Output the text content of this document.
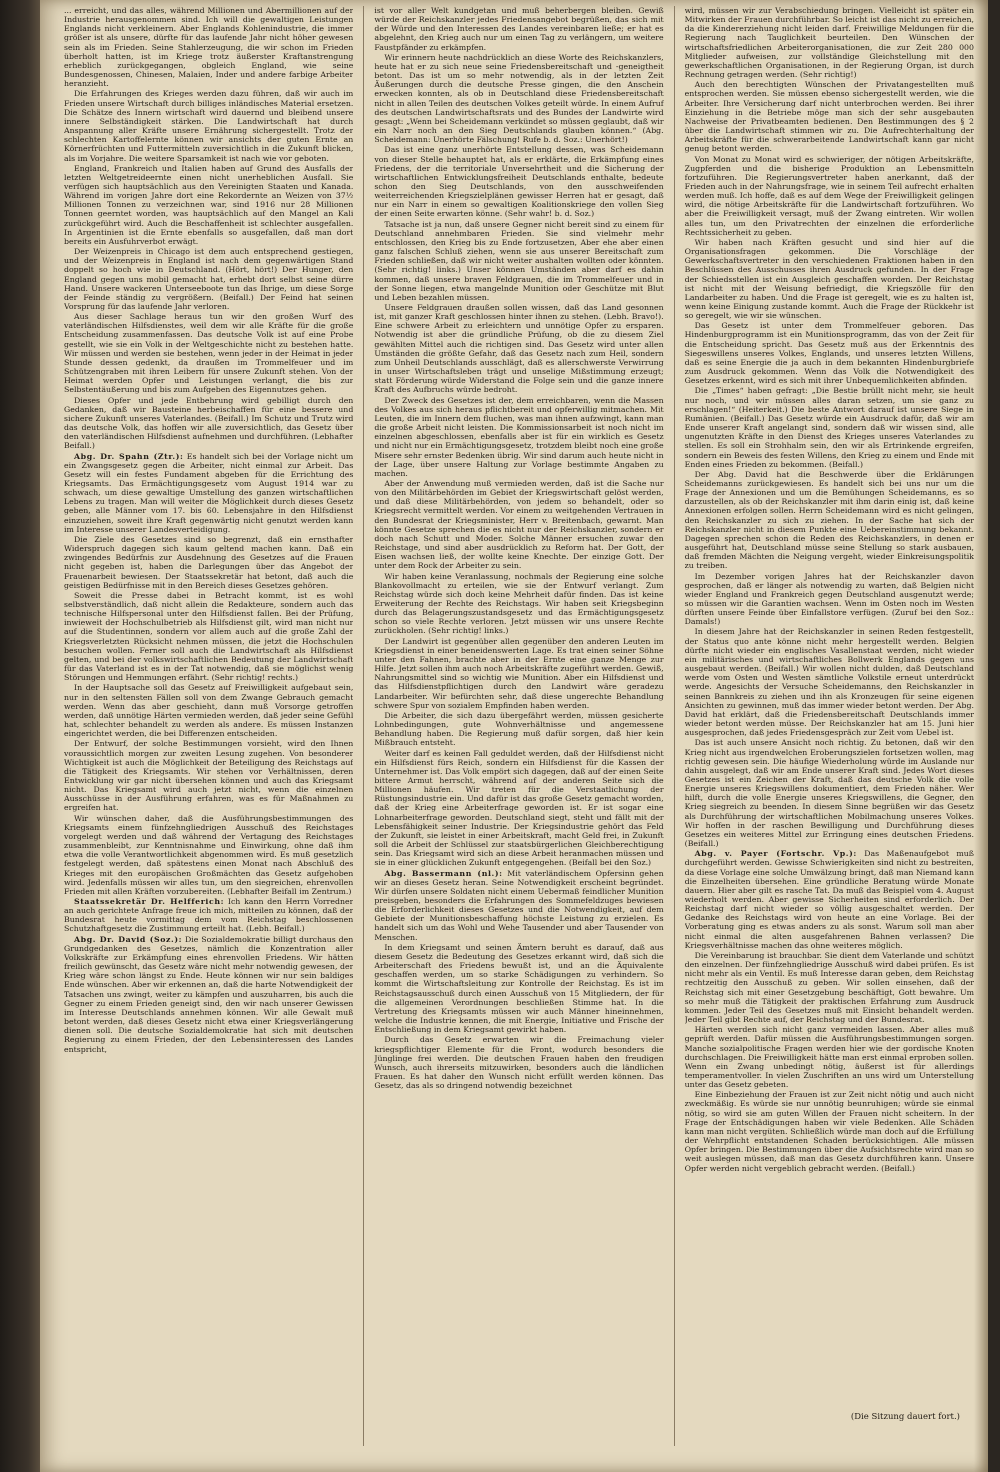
... erreicht, und das alles, während Millionen und Abermillionen auf der Industrie herausgenommen sind. Ich will die gewaltigen Leistungen Englands nicht verkleinern. Aber Englands Kohlenindustrie, die immer größer ist als unsere, dürfte für das laufende Jahr nicht höher gewesen sein als im Frieden. Seine Stahlerzeugung, die wir schon im Frieden überholt hatten, ist im Kriege trotz äußerster Kraftanstrengung erheblich zurückgegangen, obgleich England, wie seine Bundesgenossen, Chinesen, Malaien, Inder und andere farbige Arbeiter heranzieht.

Die Erfahrungen des Krieges werden dazu führen, daß wir auch im Frieden unsere Wirtschaft durch billiges inländisches Material ersetzen. Die Schätze des Innern wirtschaft wird dauernd und bleibend unsere innere Selbständigkeit stärken. Die Landwirtschaft hat durch Anspannung aller Kräfte unsere Ernährung sichergestellt. Trotz der schlechten Kartoffelernte können wir ansichts der guten Ernte an Körnerfrüchten und Futtermitteln zuversichtlich in die Zukunft blicken, als im Vorjahre. Die weitere Sparsamkeit ist nach wie vor geboten.

England, Frankreich und Italien haben auf Grund des Ausfalls der letzten Weltgetreideernte einen nicht unerheblichen Ausfall. Sie verfügen sich hauptsächlich aus den Vereinigten Staaten und Kanada. Während im vorigen Jahre dort eine Rekordernte an Weizen von 37½ Millionen Tonnen zu verzeichnen war, sind 1916 nur 28 Millionen Tonnen geerntet worden, was hauptsächlich auf den Mangel an Kali zurückgeführt wird. Auch die Beschaffenheit ist schlechter ausgefallen. In Argentinien ist die Ernte ebenfalls so ausgefallen, daß man dort bereits ein Ausfuhrverbot erwägt.

Der Weizenpreis in Chicago ist dem auch entsprechend gestiegen, und der Weizenpreis in England ist nach dem gegenwärtigen Stand doppelt so hoch wie in Deutschland. (Hört, hört!) Der Hunger, den England gegen uns mobil gemacht hat, erhebt dort selbst seine dürre Hand. Unsere wackeren Unterseeboote tun das Ihrige, um diese Sorge der Feinde ständig zu vergrößern. (Beifall.) Der Feind hat seinen Vorsprung für das laufende Jahr verloren.

Aus dieser Sachlage heraus tun wir den großen Wurf des vaterländischen Hilfsdienstes, weil dem wir alle Kräfte für die große Entscheidung zusammenfassen. Das deutsche Volk ist auf eine Probe gestellt, wie sie ein Volk in der Weltgeschichte nicht zu bestehen hatte. Wir müssen und werden sie bestehen, wenn jeder in der Heimat in jeder Stunde dessen gedenkt, da draußen im Trommelfeuer und im Schützengraben mit ihren Leibern für unsere Zukunft stehen. Von der Heimat werden Opfer und Leistungen verlangt, die bis zur Selbstentäußerung und bis zum Aufgeben des Eigennutzes gehen.

Dieses Opfer und jede Entbehrung wird gebilligt durch den Gedanken, daß wir Bausteine herbeischaffen für eine bessere und sichere Zukunft unseres Vaterlandes. (Beifall.) Im Schutz und Trutz wird das deutsche Volk, das hoffen wir alle zuversichtlich, das Gesetz über den vaterländischen Hilfsdienst aufnehmen und durchführen. (Lebhafter Beifall.)

Abg. Dr. Spahn (Ztr.): Es handelt sich bei der Vorlage nicht um ein Zwangsgesetz gegen die Arbeiter, nicht einmal zur Arbeit. Das Gesetz will ein festes Fundament abgeben für die Errichtung des Kriegsamts. Das Ermächtigungsgesetz vom August 1914 war zu schwach, um diese gewaltige Umstellung des ganzen wirtschaftlichen Lebens zu tragen. Man will weiter die Möglichkeit durch dieses Gesetz geben, alle Männer vom 17. bis 60. Lebensjahre in den Hilfsdienst einzuziehen, soweit ihre Kraft gegenwärtig nicht genutzt werden kann im Interesse unserer Landesverteidigung.

Die Ziele des Gesetzes sind so begrenzt, daß ein ernsthafter Widerspruch dagegen sich kaum geltend machen kann. Daß ein zwingendes Bedürfnis zur Ausdehnung des Gesetzes auf die Frauen nicht gegeben ist, haben die Darlegungen über das Angebot der Frauenarbeit bewiesen. Der Staatssekretär hat betont, daß auch die geistigen Bedürfnisse mit in den Bereich dieses Gesetzes gehören.

Soweit die Presse dabei in Betracht kommt, ist es wohl selbstverständlich, daß nicht allein die Redakteure, sondern auch das technische Hilfspersonal unter den Hilfsdienst fallen. Bei der Prüfung, inwieweit der Hochschulbetrieb als Hilfsdienst gilt, wird man nicht nur auf die Studentinnen, sondern vor allem auch auf die große Zahl der Kriegsverletzten Rücksicht nehmen müssen, die jetzt die Hochschulen besuchen wollen. Ferner soll auch die Landwirtschaft als Hilfsdienst gelten, und bei der volkswirtschaftlichen Bedeutung der Landwirtschaft für das Vaterland ist es in der Tat notwendig, daß sie möglichst wenig Störungen und Hemmungen erfährt. (Sehr richtig! rechts.)

In der Hauptsache soll das Gesetz auf Freiwilligkeit aufgebaut sein, nur in den seltensten Fällen soll von dem Zwange Gebrauch gemacht werden. Wenn das aber geschieht, dann muß Vorsorge getroffen werden, daß unnötige Härten vermieden werden, daß jeder seine Gefühl hat, schlechter behandelt zu werden als andere. Es müssen Instanzen eingerichtet werden, die bei Differenzen entscheiden.

Der Entwurf, der solche Bestimmungen vorsieht, wird den Ihnen voraussichtlich morgen zur zweiten Lesung zugehen. Von besonderer Wichtigkeit ist auch die Möglichkeit der Beteiligung des Reichstags auf die Tätigkeit des Kriegsamts. Wir stehen vor Verhältnissen, deren Entwicklung wir gar nicht übersehen können und auch das Kriegsamt nicht. Das Kriegsamt wird auch jetzt nicht, wenn die einzelnen Ausschüsse in der Ausführung erfahren, was es für Maßnahmen zu ergreifen hat.

Wir wünschen daher, daß die Ausführungsbestimmungen des Kriegsamts einem fünfzehngliedrigen Ausschuß des Reichstages vorgelegt werden und daß während der Vertagung des Reichstages zusammenbleibt, zur Kenntnisnahme und Einwirkung, ohne daß ihm etwa die volle Verantwortlichkeit abgenommen wird. Es muß gesetzlich festgelegt werden, daß spätestens einen Monat nach Abschluß des Krieges mit den europäischen Großmächten das Gesetz aufgehoben wird. Jedenfalls müssen wir alles tun, um den siegreichen, ehrenvollen Frieden mit allen Kräften vorzubereiten. (Lebhafter Beifall im Zentrum.)

Staatssekretär Dr. Helfferich: Ich kann den Herrn Vorredner an auch gerichtete Anfrage freue ich mich, mitteilen zu können, daß der Bundesrat heute vormittag dem vom Reichstag beschlossenen Schutzhaftgesetz die Zustimmung erteilt hat. (Lebh. Beifall.)

Abg. Dr. David (Soz.): Die Sozialdemokratie billigt durchaus den Grundgedanken des Gesetzes, nämlich die Konzentration aller Volkskräfte zur Erkämpfung eines ehrenvollen Friedens. Wir hätten freilich gewünscht, das Gesetz wäre nicht mehr notwendig gewesen, der Krieg wäre schon längst zu Ende. Heute können wir nur sein baldiges Ende wünschen. Aber wir erkennen an, daß die harte Notwendigkeit der Tatsachen uns zwingt, weiter zu kämpfen und auszuharren, bis auch die Gegner zu einem Frieden geneigt sind, den wir nach unserer Gewissen im Interesse Deutschlands annehmen können. Wir alle Gewalt muß betont werden, daß dieses Gesetz nicht etwa einer Kriegsverlängerung dienen soll. Die deutsche Sozialdemokratie hat sich mit deutschen Regierung zu einem Frieden, der den Lebensinteressen des Landes entspricht,

ist vor aller Welt kundgetan und muß beherbergen bleiben. Gewiß würde der Reichskanzler jedes Friedensangebot begrüßen, das sich mit der Würde und den Interessen des Landes vereinbaren ließe; er hat es abgelehnt, den Krieg auch nur um einen Tag zu verlängern, um weitere Faustpfänder zu erkämpfen.

Wir erinnern heute nachdrücklich an diese Worte des Reichskanzlers, heute hat er zu sich neue seine Friedensbereitschaft und -geneigtheit betont. Das ist um so mehr notwendig, als in der letzten Zeit Äußerungen durch die deutsche Presse gingen, die den Anschein erwecken konnten, als ob in Deutschland diese Friedensbereitschaft nicht in allen Teilen des deutschen Volkes geteilt würde. In einem Aufruf des deutschen Landwirtschaftsrats und des Bundes der Landwirte wird gesagt: „Wenn bei Scheidemann verkündet so müssen geglaubt, daß wir ein Narr noch an den Sieg Deutschlands glauben können.“ (Abg. Scheidemann: Unerhörte Fälschung! Rufe b. d. Soz.: Unerhört!)

Das ist eine ganz unerhörte Entstellung dessen, was Scheidemann von dieser Stelle behauptet hat, als er erklärte, die Erkämpfung eines Friedens, der die territoriale Unversehrtheit und die Sicherung der wirtschaftlichen Entwicklungsfreiheit Deutschlands enthalte, bedeute schon den Sieg Deutschlands, von den ausschweifenden weiterreichenden Kriegszielplänen gewisser Herren hat er gesagt, daß nur ein Narr in einem so gewaltigen Koalitionskriege den vollen Sieg der einen Seite erwarten könne. (Sehr wahr! b. d. Soz.)

Tatsache ist ja nun, daß unsere Gegner nicht bereit sind zu einem für Deutschland annehmbaren Frieden. Sie sind vielmehr mehr entschlossen, den Krieg bis zu Ende fortzusetzen, Aber ehe aber einen ganz falschen Schluß ziehen, wenn sie aus unserer Bereitschaft zum Frieden schließen, daß wir nicht weiter aushalten wollten oder könnten. (Sehr richtig! links.) Unser können Umständen aber darf es dahin kommen, daß unsere braven Feldgrauen, die im Trommelfeuer und in der Sonne liegen, etwa mangelnde Munition oder Geschütze mit Blut und Leben bezahlen müssen.

Unsere Feldgrauen draußen sollen wissen, daß das Land gesonnen ist, mit ganzer Kraft geschlossen hinter ihnen zu stehen. (Lebh. Bravo!). Eine schwere Arbeit zu erleichtern und unnötige Opfer zu ersparen. Notwendig ist aber die gründliche Prüfung, ob die zu diesem Ziel gewählten Mittel auch die richtigen sind. Das Gesetz wird unter allen Umständen die größte Gefahr, daß das Gesetz nach zum Heil, sondern zum Unheil Deutschlands ausschlägt, daß es allerschwerste Verwirrung in unser Wirtschaftsleben trägt und unselige Mißstimmung erzeugt; statt Förderung würde Widerstand die Folge sein und die ganze innere Kraft des Aufbruchs würde bedroht.

Der Zweck des Gesetzes ist der, dem erreichbaren, wenn die Massen des Volkes aus sich heraus pflichtbereit und opferwillig mitmachen. Mit Leuten, die im Innern dem fluchen, was man ihnen aufzwingt, kann man die große Arbeit nicht leisten. Die Kommissionsarbeit ist noch nicht im einzelnen abgeschlossen, ebenfalls aber ist für ein wirklich es Gesetz und nicht nur ein Ermächtigungsgesetz, trotzdem bleibt noch eine große Misere sehr ernster Bedenken übrig. Wir sind darum auch heute nicht in der Lage, über unsere Haltung zur Vorlage bestimmte Angaben zu machen.

Aber der Anwendung muß vermieden werden, daß ist die Sache nur von den Militärbehörden im Gebiet der Kriegswirtschaft gelöst werden, und daß diese Militärbehörden, von jedem so behandelt, oder so Kriegsrecht vermittelt werden. Vor einem zu weitgehenden Vertrauen in den Bundesrat der Kriegsminister, Herr v. Breitenbach, gewarnt. Man könnte Gesetze sprechen die es nicht nur der Reichskanzler, sondern er doch nach Schutt und Moder. Solche Männer ersuchen zuwar den Reichstage, und sind aber ausdrücklich zu Reform hat. Der Gott, der Eisen wachsen ließ, der wollte keine Knechte. Der einzige Gott. Der unter dem Rock der Arbeiter zu sein.

Wir haben keine Veranlassung, nochmals der Regierung eine solche Blankovollmacht zu erteilen, wie sie der Entwurf verlangt. Zum Reichstag würde sich doch keine Mehrheit dafür finden. Das ist keine Erweiterung der Rechte des Reichstags. Wir haben seit Kriegsbeginn durch das Belagerungszustandsgesetz und das Ermächtigungsgesetz schon so viele Rechte verloren. Jetzt müssen wir uns unsere Rechte zurückholen. (Sehr richtig! links.)

Der Landwirt ist gegenüber allen gegenüber den anderen Leuten im Kriegsdienst in einer beneidenswerten Lage. Es trat einen seiner Söhne unter den Fahnen, brachte aber in der Ernte eine ganze Menge zur Hilfe. Jetzt sollen ihm auch noch Arbeitskräfte zugeführt werden. Gewiß, Nahrungsmittel sind so wichtig wie Munition. Aber ein Hilfsdienst und das Hilfsdienstpflichtigen durch den Landwirt wäre geradezu Landarbeiter. Wir befürchten sehr, daß diese ungerechte Behandlung schwere Spur von sozialem Empfinden haben werden.

Die Arbeiter, die sich dazu übergefährt werden, müssen gesicherte Lohnbedingungen, gute Wohnverhältnisse und angemessene Behandlung haben. Die Regierung muß dafür sorgen, daß hier kein Mißbrauch entsteht.

Weiter darf es keinen Fall geduldet werden, daß der Hilfsdienst nicht ein Hilfsdienst fürs Reich, sondern ein Hilfsdienst für die Kassen der Unternehmer ist. Das Volk empört sich dagegen, daß auf der einen Seite bittere Armut herrscht, während auf der anderen Seite sich die Millionen häufen. Wir treten für die Verstaatlichung der Rüstungsindustrie ein. Und dafür ist das große Gesetz gemacht worden, daß der Krieg eine Arbeiterfrage geworden ist. Er ist sogar eine Lohnarbeiterfrage geworden. Deutschland siegt, steht und fällt mit der Lebensfähigkeit seiner Industrie. Der Kriegsindustrie gehört das Feld der Zukunft, sie leistet in einer Arbeitskraft, macht Geld frei, in Zukunft soll die Arbeit der Schlüssel zur staatsbürgerlichen Gleichberechtigung sein. Das Kriegsamt wird sich an diese Arbeit heranmachen müssen und sie in einer glücklichen Zukunft entgegengehen. (Beifall bei den Soz.)

Abg. Bassermann (nl.): Mit vaterländischem Opfersinn gehen wir an dieses Gesetz heran. Seine Notwendigkeit erscheint begründet. Wir dürfen unsere Soldaten nicht einem Uebermaß feindlicher Munition preisgeben, besonders die Erfahrungen des Sommefeldzuges bewiesen die Erforderlichkeit dieses Gesetzes und die Notwendigkeit, auf dem Gebiete der Munitionsbeschaffung höchste Leistung zu erzielen. Es handelt sich um das Wohl und Wehe Tausender und aber Tausender von Menschen.

In dem Kriegsamt und seinen Ämtern beruht es darauf, daß aus diesem Gesetz die Bedeutung des Gesetzes erkannt wird, daß sich die Arbeiterschaft des Friedens bewußt ist, und an die Äquivalente geschaffen werden, um so starke Schädigungen zu verhindern. So kommt die Wirtschaftsleitung zur Kontrolle der Reichstag. Es ist im Reichstagsausschuß durch einen Ausschuß von 15 Mitgliedern, der für die allgemeinen Verordnungen beschließen Stimme hat. In die Vertretung des Kriegsamts müssen wir auch Männer hineinnehmen, welche die Industrie kennen, die mit Energie, Initiative und Frische der Entschließung in dem Kriegsamt gewirkt haben.

Durch das Gesetz erwarten wir die Freimachung vieler kriegspflichtiger Elemente für die Front, wodurch besonders die Jünglinge frei werden. Die deutschen Frauen haben den freudigen Wunsch, auch ihrerseits mitzuwirken, besonders auch die ländlichen Frauen. Es hat daher den Wunsch nicht erfüllt werden können. Das Gesetz, das als so dringend notwendig bezeichnet

wird, müssen wir zur Verabschiedung bringen. Vielleicht ist später ein Mitwirken der Frauen durchführbar. So leicht ist das nicht zu erreichen, da die Kindererziehung nicht leiden darf. Freiwillige Meldungen für die Regierung nach Tauglichkeit beurteilen. Den Wünschen der wirtschaftsfriedlichen Arbeiterorganisationen, die zur Zeit 280 000 Mitglieder aufweisen, zur vollständige Gleichstellung mit den gewerkschaftlichen Organisationen, in der Regierung Organ, ist durch Rechnung getragen werden. (Sehr richtig!)

Auch den berechtigten Wünschen der Privatangestellten muß entsprochen werden. Sie müssen ebenso sichergestellt werden, wie die Arbeiter. Ihre Versicherung darf nicht unterbrochen werden. Bei ihrer Einziehung in die Betriebe möge man sich der sehr ausgebauten Nachweise der Privatbeamten bedienen. Den Bestimmungen des § 2 über die Landwirtschaft stimmen wir zu. Die Aufrechterhaltung der Arbeitskräfte für die schwerarbeitende Landwirtschaft kann gar nicht genug betont werden.

Von Monat zu Monat wird es schwieriger, der nötigen Arbeitskräfte, Zugpferden und die bisherige Produktion an Lebensmitteln fortzuführen. Die Regierungsvertreter haben anerkannt, daß der Frieden auch in der Nahrungsfrage, wie in seinem Teil aufrecht erhalten werden muß. Ich hoffe, daß es auf dem Wege der Freiwilligkeit gelingen wird, die nötige Arbeitskräfte für die Landwirtschaft fortzuführen. Wo aber die Freiwilligkeit versagt, muß der Zwang eintreten. Wir wollen alles tun, um den Privatrechten der einzelnen die erforderliche Rechtssicherheit zu geben.

Wir haben nach Kräften gesucht und sind hier auf die Organisationsfragen gekommen. Die Vorschläge der Gewerkschaftsvertreter in den verschiedenen Fraktionen haben in den Beschlüssen des Ausschusses ihren Ausdruck gefunden. In der Frage der Schiedsstellen ist ein Ausgleich geschaffen worden. Der Reichstag ist nicht mit der Weisung befriedigt, die Kriegszölle für den Landarbeiter zu haben. Und die Frage ist geregelt, wie es zu halten ist, wenn keine Einigung zustande kommt. Auch die Frage der Rückkehr ist so geregelt, wie wir sie wünschen.

Das Gesetz ist unter dem Trommelfeuer geboren. Das Hindenburgprogramm ist ein Munitionsprogramm, das von der Zeit für die Entscheidung spricht. Das Gesetz muß aus der Erkenntnis des Siegeswillens unseres Volkes, Englands, und unseres letzten Willens, daß es seine Energie die ja auch in dem bekannten Hindenburgbriefe zum Ausdruck gekommen. Wenn das Volk die Notwendigkeit des Gesetzes erkennt, wird es sich mit ihrer Unbequemlichkeiten abfinden.

Die „Times“ haben gefragt: „Die Bestie brüllt nicht mehr, sie heult nur noch, und wir müssen alles daran setzen, um sie ganz zu erschlagen!“ (Heiterkeit.) Die beste Antwort darauf ist unsere Siege in Rumänien. (Beifall.) Das Gesetz würde ein Ausdruck dafür, daß wir am Ende unserer Kraft angelangt sind, sondern daß wir wissen sind, alle ungenutzten Kräfte in den Dienst des Krieges unseres Vaterlandes zu stellen. Es soll ein Strohhalm sein, den wir als Ertrinkende ergreifen, sondern ein Beweis des festen Willens, den Krieg zu einem und Ende mit Enden eines Frieden zu bekommen. (Beifall.)

Der Abg. David hat die Beschwerde über die Erklärungen Scheidemanns zurückgewiesen. Es handelt sich bei uns nur um die Frage der Annexionen und um die Bemühungen Scheidemanns, es so darzustellen, als ob der Reichskanzler mit ihm darin einig ist, daß keine Annexionen erfolgen sollen. Herrn Scheidemann wird es nicht gelingen, den Reichskanzler zu sich zu ziehen. In der Sache hat sich der Reichskanzler nicht in diesem Punkte eine Uebereinstimmung bekannt. Dagegen sprechen schon die Reden des Reichskanzlers, in denen er ausgeführt hat, Deutschland müsse seine Stellung so stark ausbauen, daß fremden Mächten die Neigung vergeht, wieder Einkreisungspolitik zu treiben.

Im Dezember vorigen Jahres hat der Reichskanzler davon gesprochen, daß er länger als notwendig zu warten, daß Belgien nicht wieder England und Frankreich gegen Deutschland ausgenutzt werde; so müssen wir die Garantien wachsen. Wenn im Osten noch im Westen dürften unsere Feinde über Einfallstore verfügen. (Zuruf bei den Soz.: Damals!)

In diesem Jahre hat der Reichskanzler in seinen Reden festgestellt, der Status quo ante könne nicht mehr hergestellt werden. Belgien dürfte nicht wieder ein englisches Vasallenstaat werden, nicht wieder ein militärisches und wirtschaftliches Bollwerk Englands gegen uns ausgebaut werden. (Beifall.) Wir wollen nicht dulden, daß Deutschland werde vom Osten und Westen sämtliche Volkstile erneut unterdrückt werde. Angesichts der Versuche Scheidemanns, den Reichskanzler in seinen Bannkreis zu ziehen und ihn als Kronzeugen für seine eigenen Ansichten zu gewinnen, muß das immer wieder betont werden. Der Abg. David hat erklärt, daß die Friedensbereitschaft Deutschlands immer wieder betont werden müsse. Der Reichskanzler hat am 15. Juni hier ausgesprochen, daß jedes Friedensgespräch zur Zeit vom Uebel ist.

Das ist auch unsere Ansicht noch richtig. Zu betonen, daß wir den Krieg nicht aus irgendwelchen Eroberungszielen fortsetzen wollen, mag richtig gewesen sein. Die häufige Wiederholung würde im Auslande nur dahin ausgelegt, daß wir am Ende unserer Kraft sind. Jedes Wort dieses Gesetzes ist ein Zeichen der Kraft, daß das deutsche Volk die volle Energie unseres Kriegswillens dokumentiert, dem Frieden näher. Wer hilft, durch die volle Energie unseres Kriegswillens, die Gegner, den Krieg siegreich zu beenden. In diesem Sinne begrüßen wir das Gesetz als Durchführung der wirtschaftlichen Mobilmachung unseres Volkes. Wir hoffen in der raschen Bewilligung und Durchführung dieses Gesetzes ein weiteres Mittel zur Erringung eines deutschen Friedens. (Beifall.)

Abg. v. Payer (Fortschr. Vp.): Das Maßenaufgebot muß durchgeführt werden. Gewisse Schwierigkeiten sind nicht zu bestreiten, da diese Vorlage eine solche Umwälzung bringt, daß man Niemand kann die Einzelheiten übersehen. Eine gründliche Beratung würde Monate dauern. Hier aber gilt es rasche Tat. Da muß das Beispiel vom 4. August wiederholt werden. Aber gewisse Sicherheiten sind erforderlich. Der Reichstag darf nicht wieder so völlig ausgeschaltet werden. Der Gedanke des Reichstags wird von heute an eine Vorlage. Bei der Vorberatung ging es etwas anders zu als sonst. Warum soll man aber nicht einmal die alten ausgefahrenen Bahnen verlassen? Die Kriegsverhältnisse machen das ohne weiteres möglich.

Die Vereinbarung ist brauchbar. Sie dient dem Vaterlande und schützt den einzelnen. Der fünfzehngliedrige Ausschuß wird dabei prüfen. Es ist nicht mehr als ein Ventil. Es muß Interesse daran geben, dem Reichstag rechtzeitig den Ausschuß zu geben. Wir sollen einsehen, daß der Reichstag sich mit einer Gesetzgebung beschäftigt, Gott bewahre. Um so mehr muß die Tätigkeit der praktischen Erfahrung zum Ausdruck kommen. Jeder Teil des Gesetzes muß mit Einsicht behandelt werden. Jeder Teil gibt Rechte auf, der Reichstag und der Bundesrat.

Härten werden sich nicht ganz vermeiden lassen. Aber alles muß geprüft werden. Dafür müssen die Ausführungsbestimmungen sorgen. Manche sozialpolitische Fragen werden hier wie der gordische Knoten durchschlagen. Die Freiwilligkeit hätte man erst einmal erproben sollen. Wenn ein Zwang unbedingt nötig, äußerst ist für allerdings temperamentvoller. In vielen Zuschriften an uns wird um Unterstellung unter das Gesetz gebeten.

Eine Einbeziehung der Frauen ist zur Zeit nicht nötig und auch nicht zweckmäßig. Es würde sie nur unnötig beunruhigen; würde sie einmal nötig, so wird sie am guten Willen der Frauen nicht scheitern. In der Frage der Entschädigungen haben wir viele Bedenken. Alle Schäden kann man nicht vergüten. Schließlich würde man doch auf die Erfüllung der Wehrpflicht entstandenen Schaden berücksichtigen. Alle müssen Opfer bringen. Die Bestimmungen über die Aufsichtsrechte wird man so weit auslegen müssen, daß man das Gesetz durchführen kann. Unsere Opfer werden nicht vergeblich gebracht werden. (Beifall.)

(Die Sitzung dauert fort.)
